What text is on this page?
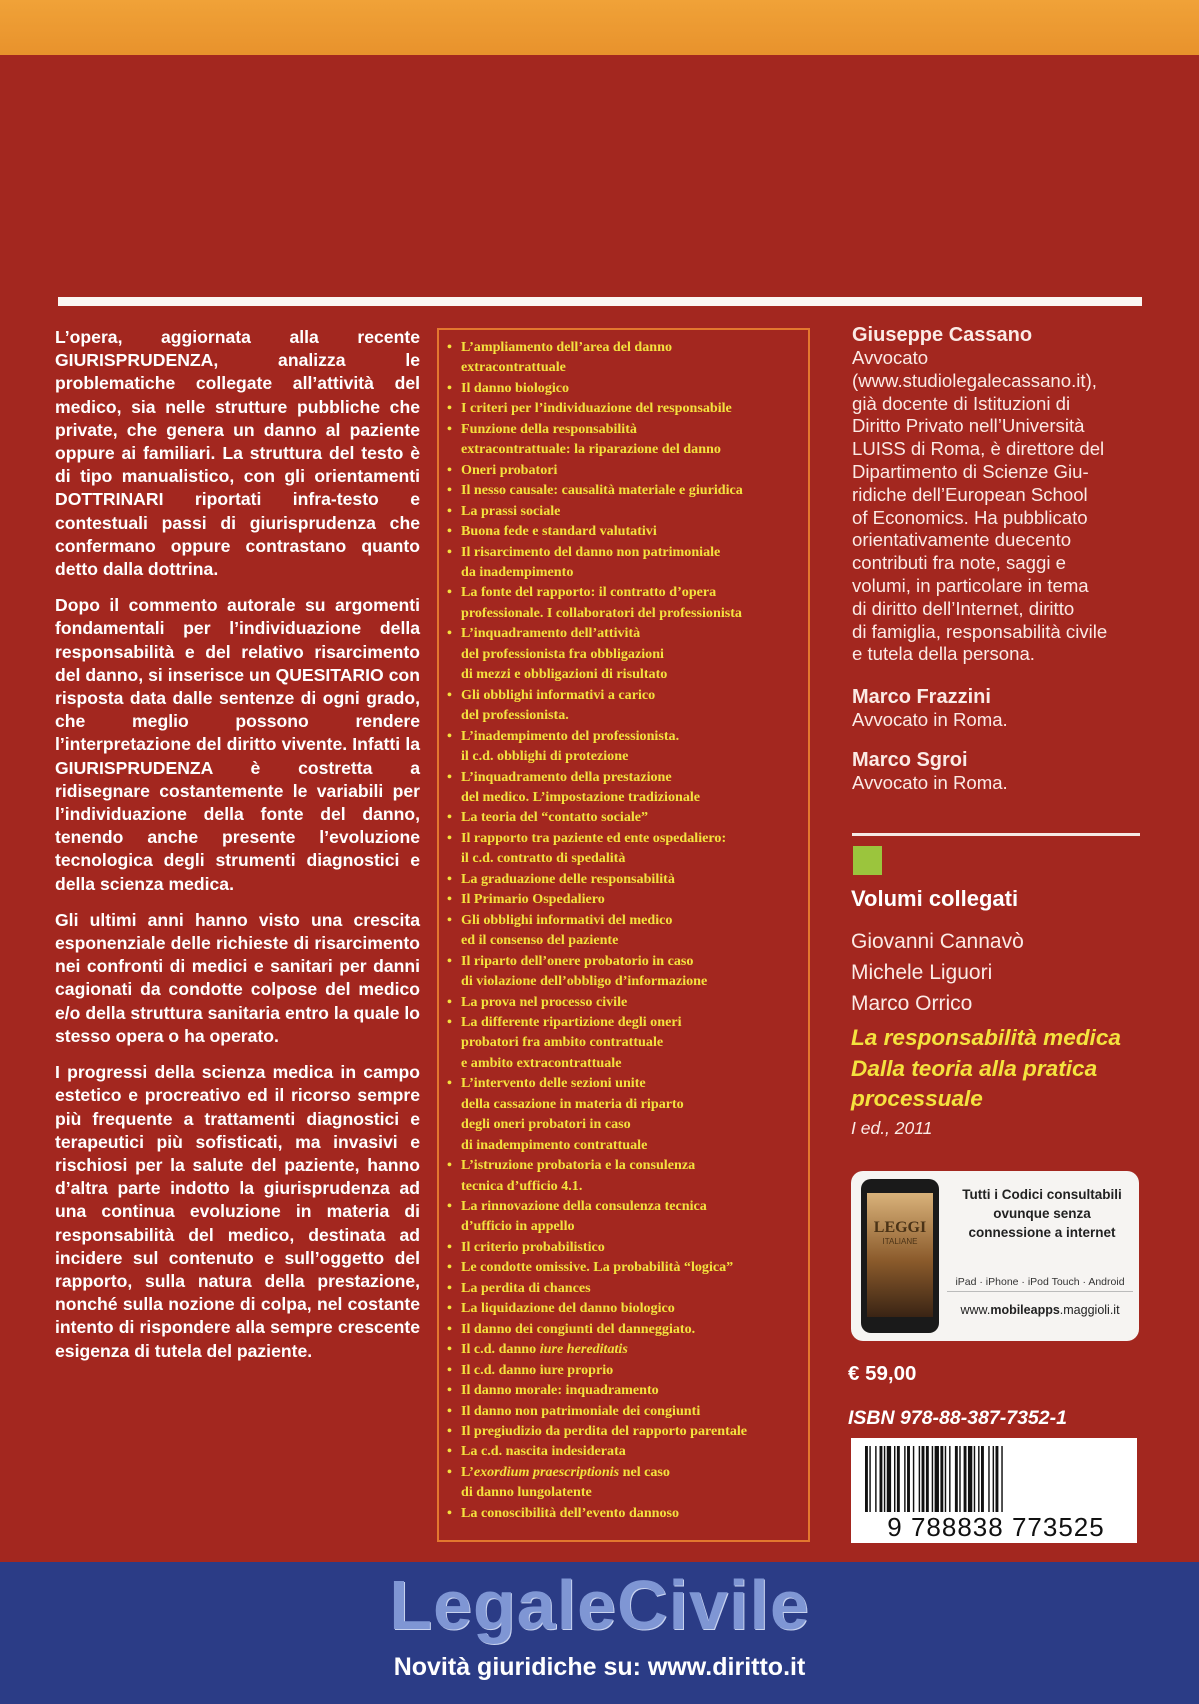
L’opera, aggiornata alla recente GIURISPRUDENZA, analizza le problematiche collegate all’attività del medico, sia nelle strutture pubbliche che private, che genera un danno al paziente oppure ai familiari. La struttura del testo è di tipo manualistico, con gli orientamenti DOTTRINARI riportati infra-testo e contestuali passi di giurisprudenza che confermano oppure contrastano quanto detto dalla dottrina.

Dopo il commento autorale su argomenti fondamentali per l’individuazione della responsabilità e del relativo risarcimento del danno, si inserisce un QUESITARIO con risposta data dalle sentenze di ogni grado, che meglio possono rendere l’interpretazione del diritto vivente. Infatti la GIURISPRUDENZA è costretta a ridisegnare costantemente le variabili per l’individuazione della fonte del danno, tenendo anche presente l’evoluzione tecnologica degli strumenti diagnostici e della scienza medica.

Gli ultimi anni hanno visto una crescita esponenziale delle richieste di risarcimento nei confronti di medici e sanitari per danni cagionati da condotte colpose del medico e/o della struttura sanitaria entro la quale lo stesso opera o ha operato.

I progressi della scienza medica in campo estetico e procreativo ed il ricorso sempre più frequente a trattamenti diagnostici e terapeutici più sofisticati, ma invasivi e rischiosi per la salute del paziente, hanno d’altra parte indotto la giurisprudenza ad una continua evoluzione in materia di responsabilità del medico, destinata ad incidere sul contenuto e sull’oggetto del rapporto, sulla natura della prestazione, nonché sulla nozione di colpa, nel costante intento di rispondere alla sempre crescente esigenza di tutela del paziente.

• L’ampliamento dell’area del danno
extracontrattuale
• Il danno biologico
• I criteri per l’individuazione del responsabile
• Funzione della responsabilità
extracontrattuale: la riparazione del danno
• Oneri probatori
• Il nesso causale: causalità materiale e giuridica
• La prassi sociale
• Buona fede e standard valutativi
• Il risarcimento del danno non patrimoniale
da inadempimento
• La fonte del rapporto: il contratto d’opera
professionale. I collaboratori del professionista
• L’inquadramento dell’attività
del professionista fra obbligazioni
di mezzi e obbligazioni di risultato
• Gli obblighi informativi a carico
del professionista.
• L’inadempimento del professionista.
il c.d. obblighi di protezione
• L’inquadramento della prestazione
del medico. L’impostazione tradizionale
• La teoria del “contatto sociale”
• Il rapporto tra paziente ed ente ospedaliero:
il c.d. contratto di spedalità
• La graduazione delle responsabilità
• Il Primario Ospedaliero
• Gli obblighi informativi del medico
ed il consenso del paziente
• Il riparto dell’onere probatorio in caso
di violazione dell’obbligo d’informazione
• La prova nel processo civile
• La differente ripartizione degli oneri
probatori fra ambito contrattuale
e ambito extracontrattuale
• L’intervento delle sezioni unite
della cassazione in materia di riparto
degli oneri probatori in caso
di inadempimento contrattuale
• L’istruzione probatoria e la consulenza
tecnica d’ufficio 4.1.
• La rinnovazione della consulenza tecnica
d’ufficio in appello
• Il criterio probabilistico
• Le condotte omissive. La probabilità “logica”
• La perdita di chances
• La liquidazione del danno biologico
• Il danno dei congiunti del danneggiato.
• Il c.d. danno iure hereditatis
• Il c.d. danno iure proprio
• Il danno morale: inquadramento
• Il danno non patrimoniale dei congiunti
• Il pregiudizio da perdita del rapporto parentale
• La c.d. nascita indesiderata
• L’exordium praescriptionis nel caso
di danno lungolatente
• La conoscibilità dell’evento dannoso
Giuseppe Cassano
Avvocato
(www.studiolegalecassano.it),
già docente di Istituzioni di
Diritto Privato nell’Università
LUISS di Roma, è direttore del
Dipartimento di Scienze Giu-
ridiche dell’European School
of Economics. Ha pubblicato
orientativamente duecento
contributi fra note, saggi e
volumi, in particolare in tema
di diritto dell’Internet, diritto
di famiglia, responsabilità civile
e tutela della persona.
Marco Frazzini
Avvocato in Roma.
Marco Sgroi
Avvocato in Roma.
Volumi collegati
Giovanni Cannavò
Michele Liguori
Marco Orrico
La responsabilità medica
Dalla teoria alla pratica
processuale
I ed., 2011
LEGGI
ITALIANE
Tutti i Codici consultabili
ovunque senza
connessione a internet
iPad · iPhone · iPod Touch · Android
www.mobileapps.maggioli.it
€ 59,00
ISBN 978-88-387-7352-1
9 788838 773525
LegaleCivile
Novità giuridiche su: www.diritto.it
